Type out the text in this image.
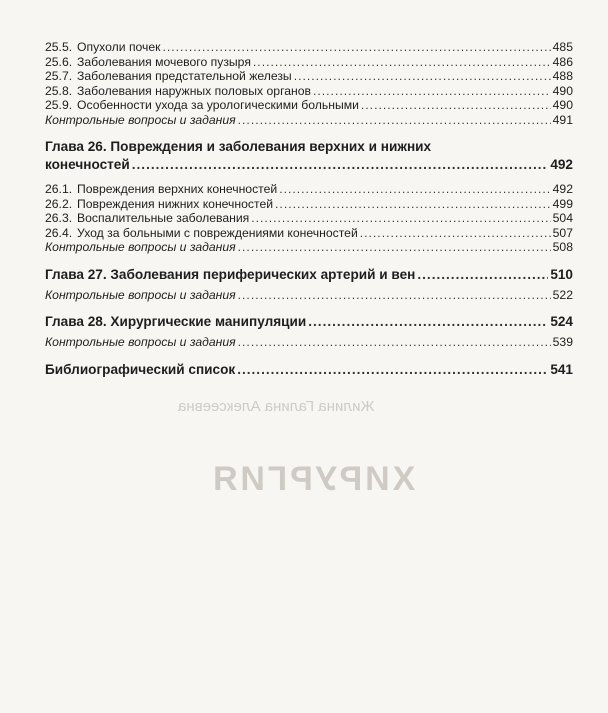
Жилина Галина Алексеевна
ХИРУРГИЯ
25.5. Опухоли почек .....	485
25.6. Заболевания мочевого пузыря .....	486
25.7. Заболевания предстательной железы .....	488
25.8. Заболевания наружных половых органов .....	490
25.9. Особенности ухода за урологическими больными .....	490
Контрольные вопросы и задания .....	491
Глава 26. Повреждения и заболевания верхних и нижних
конечностей .....	492
26.1. Повреждения верхних конечностей .....	492
26.2. Повреждения нижних конечностей .....	499
26.3. Воспалительные заболевания .....	504
26.4. Уход за больными с повреждениями конечностей .....	507
Контрольные вопросы и задания .....	508
Глава 27. Заболевания периферических артерий и вен .....	510
Контрольные вопросы и задания .....	522
Глава 28. Хирургические манипуляции .....	524
Контрольные вопросы и задания .....	539
Библиографический список .....	541
